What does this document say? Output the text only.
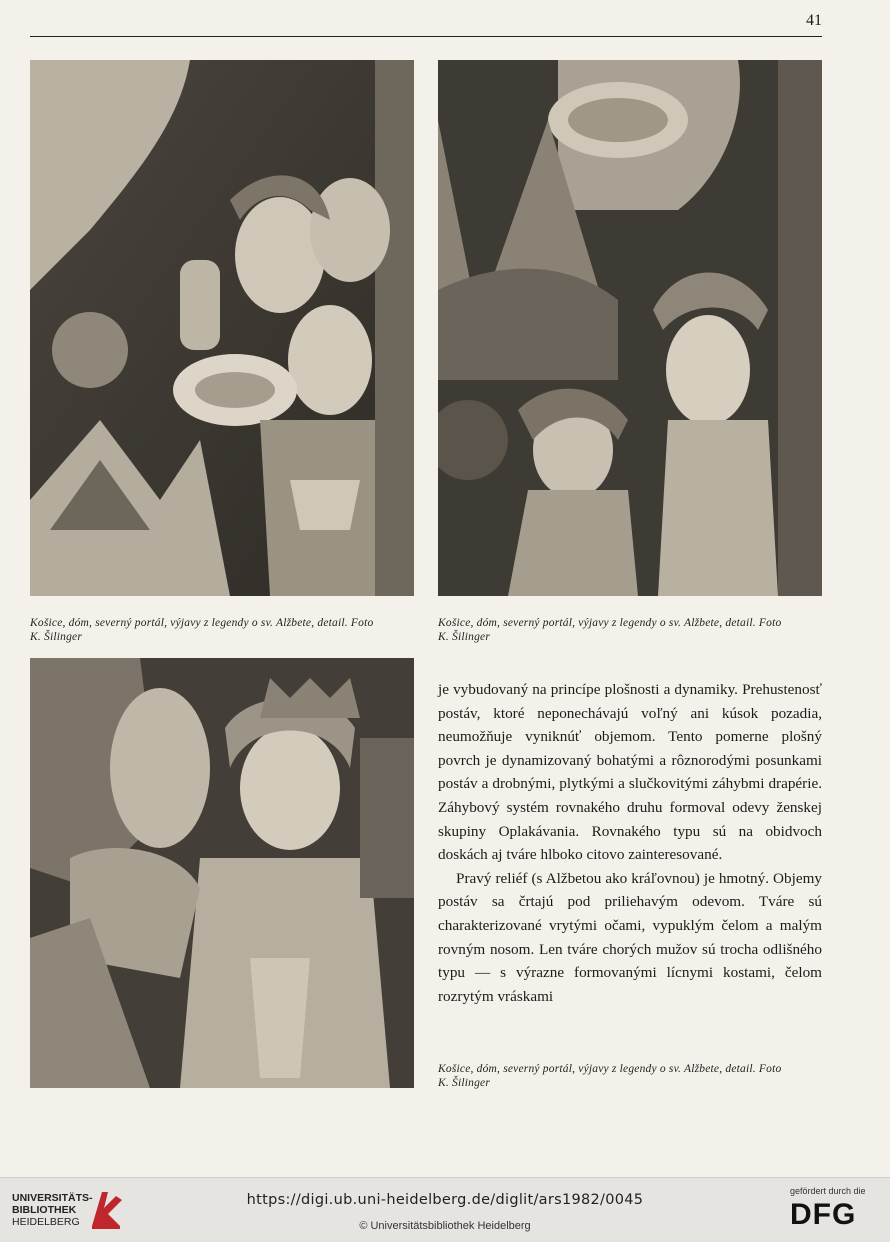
41
Košice, dóm, severný portál, výjavy z legendy o sv. Alžbete, detail. Foto
K. Šilinger
Košice, dóm, severný portál, výjavy z legendy o sv. Alžbete, detail. Foto
K. Šilinger

je vybudovaný na princípe plošnosti a dynamiky. Prehustenosť postáv, ktoré neponechávajú voľný ani kúsok pozadia, neumožňuje vyniknúť objemom. Tento pomerne plošný povrch je dynamizovaný bohatými a rôznorodými posunkami postáv a drobnými, plytkými a slučkovitými záhybmi drapérie. Záhybový systém rovnakého druhu formoval odevy ženskej skupiny Oplakávania. Rovnakého typu sú na obidvoch doskách aj tváre hlboko citovo zainteresované.

Pravý reliéf (s Alžbetou ako kráľovnou) je hmotný. Objemy postáv sa črtajú pod priliehavým odevom. Tváre sú charakterizované vrytými očami, vypuklým čelom a malým rovným nosom. Len tváre chorých mužov sú trocha odlišného typu — s výrazne formovanými lícnymi kostami, čelom rozrytým vráskami

Košice, dóm, severný portál, výjavy z legendy o sv. Alžbete, detail. Foto
K. Šilinger
UNIVERSITÄTS-
BIBLIOTHEK
HEIDELBERG
https://digi.ub.uni-heidelberg.de/diglit/ars1982/0045
© Universitätsbibliothek Heidelberg
gefördert durch die
DFG
